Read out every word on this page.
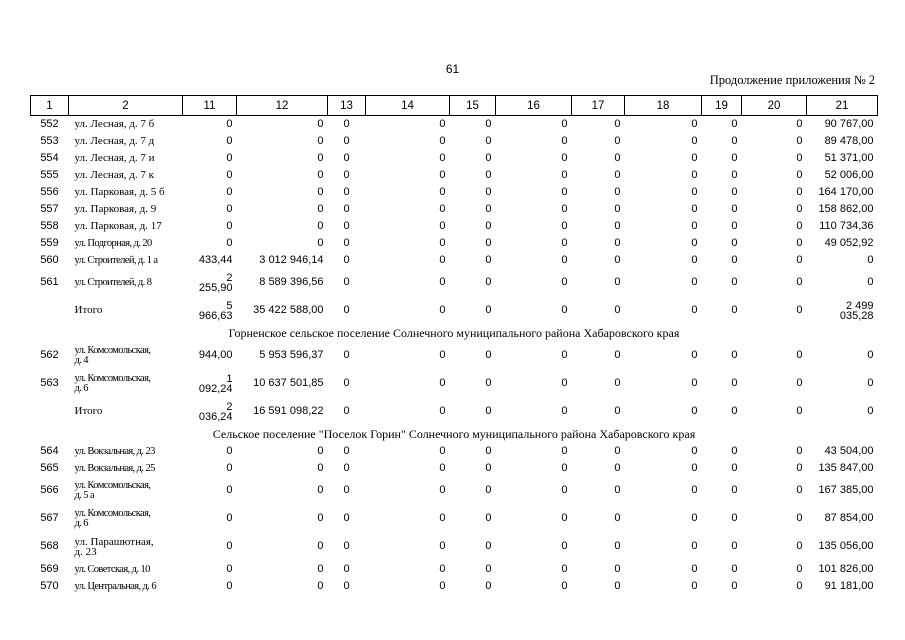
61
Продолжение приложения № 2
1	2	11	12	13	14	15	16	17	18	19	20	21
552	ул. Лесная, д. 7 б	0	0	0	0	0	0	0	0	0	0	90 767,00
553	ул. Лесная, д. 7 д	0	0	0	0	0	0	0	0	0	0	89 478,00
554	ул. Лесная, д. 7 и	0	0	0	0	0	0	0	0	0	0	51 371,00
555	ул. Лесная, д. 7 к	0	0	0	0	0	0	0	0	0	0	52 006,00
556	ул. Парковая, д. 5 б	0	0	0	0	0	0	0	0	0	0	164 170,00
557	ул. Парковая, д. 9	0	0	0	0	0	0	0	0	0	0	158 862,00
558	ул. Парковая, д. 17	0	0	0	0	0	0	0	0	0	0	110 734,36
559	ул. Подгорная, д. 20	0	0	0	0	0	0	0	0	0	0	49 052,92
560	ул. Строителей, д. 1 а	433,44	3 012 946,14	0	0	0	0	0	0	0	0	0
561	ул. Строителей, д. 8	2
255,90	8 589 396,56	0	0	0	0	0	0	0	0	0
	Итого	5
966,63	35 422 588,00	0	0	0	0	0	0	0	0	2 499
035,28

Горненское сельское поселение Солнечного муниципального района Хабаровского края												
562	ул. Комсомольская,
д. 4	944,00	5 953 596,37	0	0	0	0	0	0	0	0	0
563	ул. Комсомольская,
д. 6	1
092,24	10 637 501,85	0	0	0	0	0	0	0	0	0
	Итого	2
036,24	16 591 098,22	0	0	0	0	0	0	0	0	0
Сельское поселение "Поселок Горин" Солнечного муниципального района Хабаровского края												
564	ул. Вокзальная, д. 23	0	0	0	0	0	0	0	0	0	0	43 504,00
565	ул. Вокзальная, д. 25	0	0	0	0	0	0	0	0	0	0	135 847,00
566	ул. Комсомольская,
д. 5 а	0	0	0	0	0	0	0	0	0	0	167 385,00
567	ул. Комсомольская,
д. 6	0	0	0	0	0	0	0	0	0	0	87 854,00
568	ул. Парашютная,
д. 23	0	0	0	0	0	0	0	0	0	0	135 056,00
569	ул. Советская, д. 10	0	0	0	0	0	0	0	0	0	0	101 826,00
570	ул. Центральная, д. 6	0	0	0	0	0	0	0	0	0	0	91 181,00
